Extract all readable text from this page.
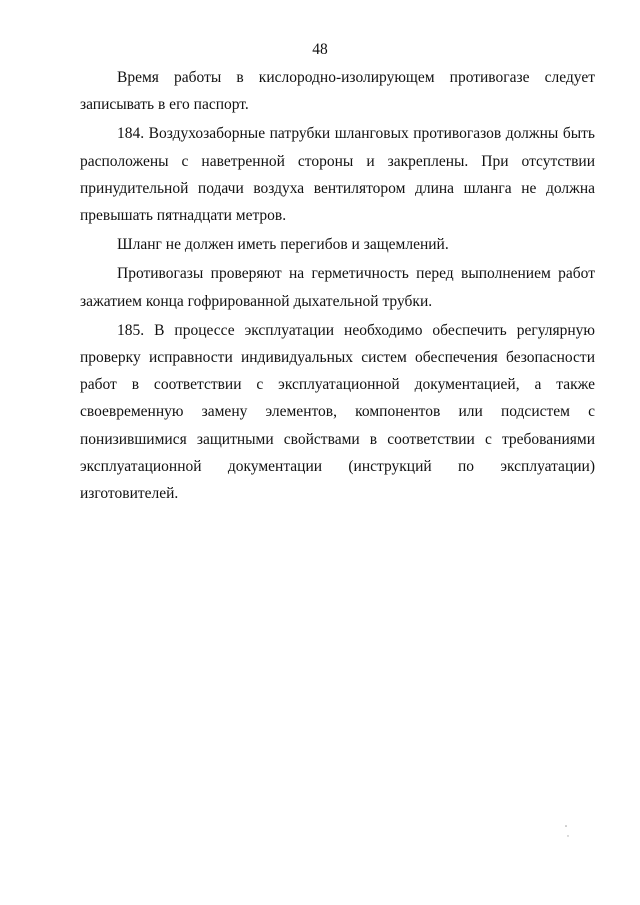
48

Время работы в кислородно-изолирующем противогазе следует записывать в его паспорт.

184. Воздухозаборные патрубки шланговых противогазов должны быть расположены с наветренной стороны и закреплены. При отсутствии принудительной подачи воздуха вентилятором длина шланга не должна превышать пятнадцати метров.

Шланг не должен иметь перегибов и защемлений.

Противогазы проверяют на герметичность перед выполнением работ зажатием конца гофрированной дыхательной трубки.

185. В процессе эксплуатации необходимо обеспечить регулярную проверку исправности индивидуальных систем обеспечения безопасности работ в соответствии с эксплуатационной документацией, а также своевременную замену элементов, компонентов или подсистем с понизившимися защитными свойствами в соответствии с требованиями эксплуатационной документации (инструкций по эксплуатации) изготовителей.
